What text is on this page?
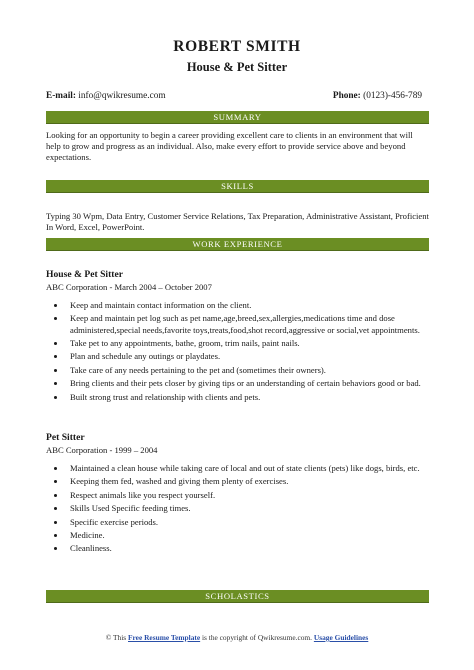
ROBERT SMITH
House & Pet Sitter
E-mail: info@qwikresume.com	Phone: (0123)-456-789
SUMMARY
Looking for an opportunity to begin a career providing excellent care to clients in an environment that will help to grow and progress as an individual. Also, make every effort to provide service above and beyond expectations.
SKILLS
Typing 30 Wpm, Data Entry, Customer Service Relations, Tax Preparation, Administrative Assistant, Proficient In Word, Excel, PowerPoint.
WORK EXPERIENCE
House & Pet Sitter
ABC Corporation - March 2004 – October 2007
• Keep and maintain contact information on the client.
• Keep and maintain pet log such as pet name,age,breed,sex,allergies,medications time and dose administered,special needs,favorite toys,treats,food,shot record,aggressive or social,vet appointments.
• Take pet to any appointments, bathe, groom, trim nails, paint nails.
• Plan and schedule any outings or playdates.
• Take care of any needs pertaining to the pet and (sometimes their owners).
• Bring clients and their pets closer by giving tips or an understanding of certain behaviors good or bad.
• Built strong trust and relationship with clients and pets.
Pet Sitter
ABC Corporation - 1999 – 2004
• Maintained a clean house while taking care of local and out of state clients (pets) like dogs, birds, etc.
• Keeping them fed, washed and giving them plenty of exercises.
• Respect animals like you respect yourself.
• Skills Used Specific feeding times.
• Specific exercise periods.
• Medicine.
• Cleanliness.
SCHOLASTICS
© This Free Resume Template is the copyright of Qwikresume.com. Usage Guidelines
